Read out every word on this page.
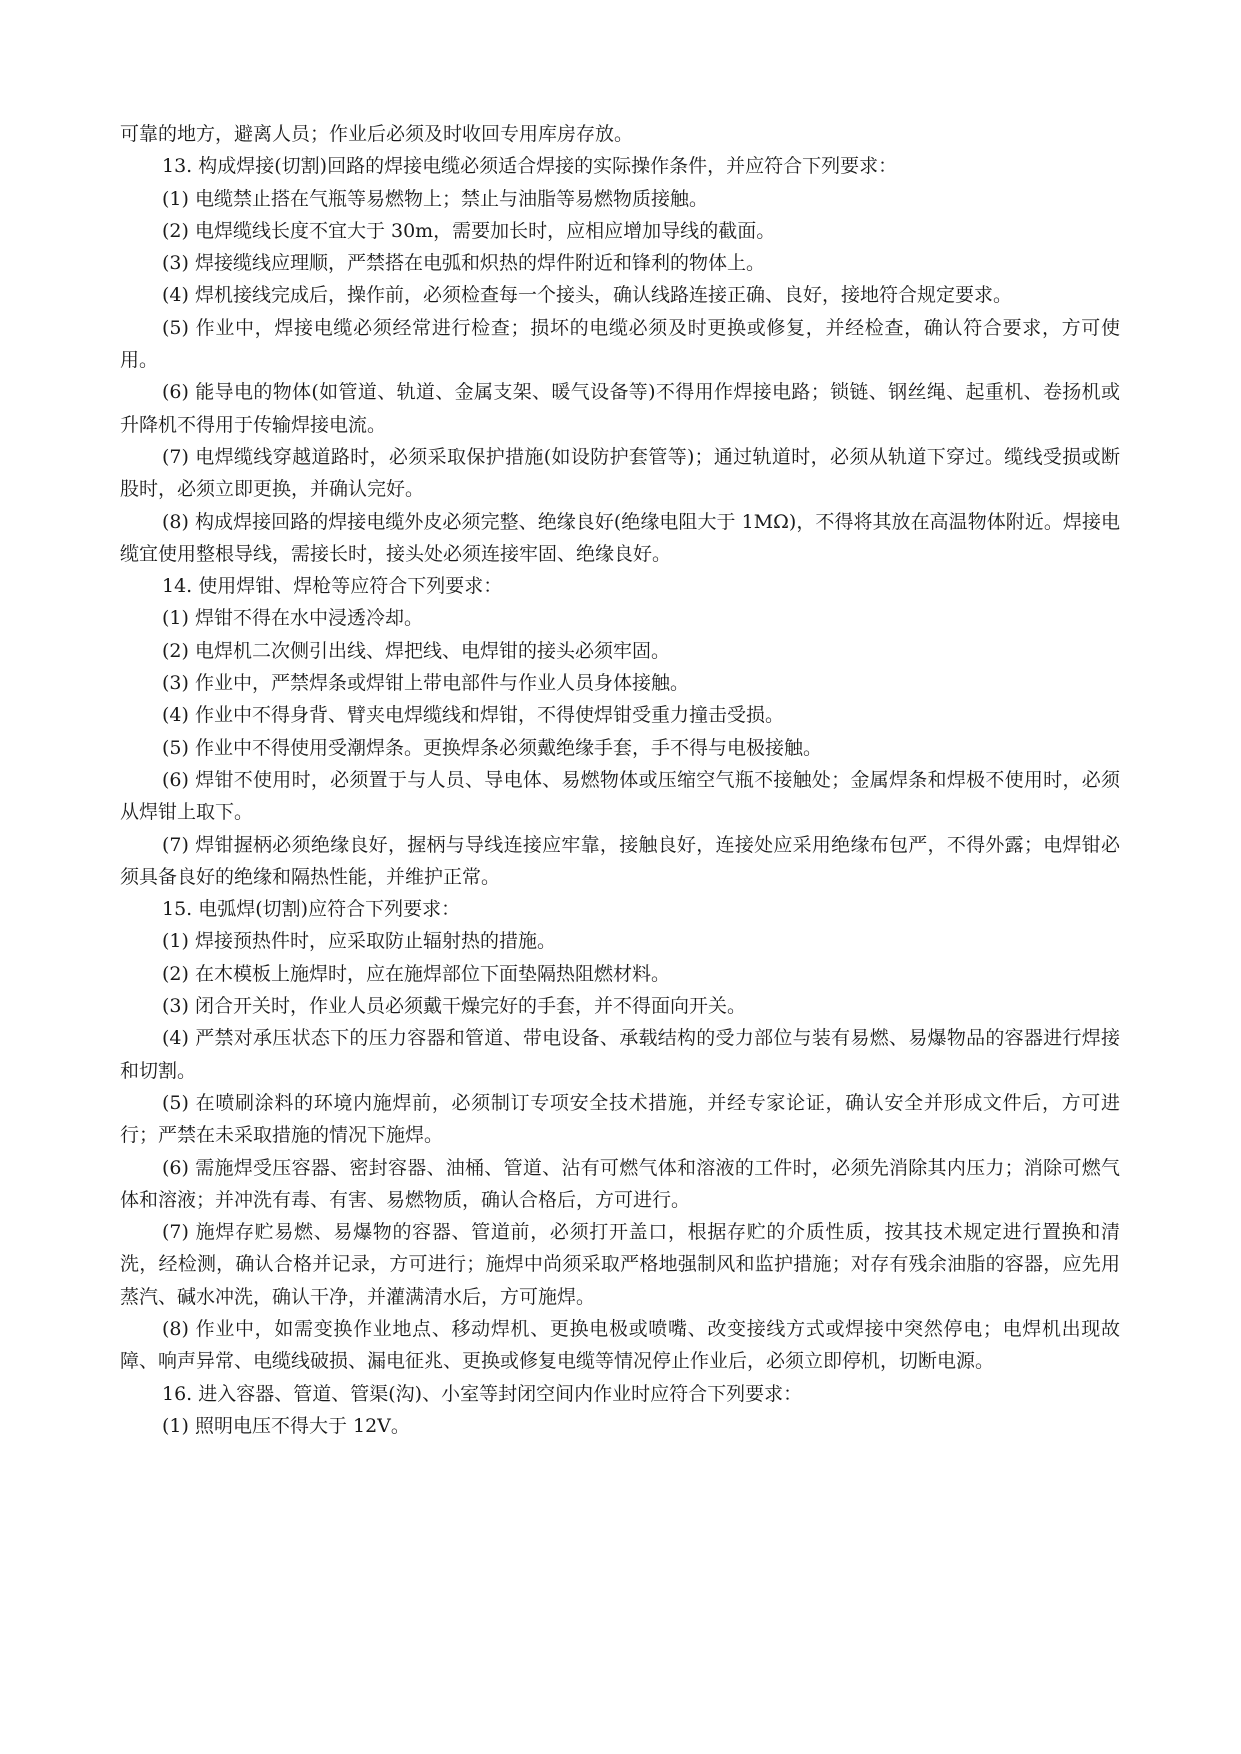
可靠的地方，避离人员；作业后必须及时收回专用库房存放。

13. 构成焊接(切割)回路的焊接电缆必须适合焊接的实际操作条件，并应符合下列要求：

(1) 电缆禁止搭在气瓶等易燃物上；禁止与油脂等易燃物质接触。

(2) 电焊缆线长度不宜大于 30m，需要加长时，应相应增加导线的截面。

(3) 焊接缆线应理顺，严禁搭在电弧和炽热的焊件附近和锋利的物体上。

(4) 焊机接线完成后，操作前，必须检查每一个接头，确认线路连接正确、良好，接地符合规定要求。

(5) 作业中，焊接电缆必须经常进行检查；损坏的电缆必须及时更换或修复，并经检查，确认符合要求，方可使用。

(6) 能导电的物体(如管道、轨道、金属支架、暖气设备等)不得用作焊接电路；锁链、钢丝绳、起重机、卷扬机或升降机不得用于传输焊接电流。

(7) 电焊缆线穿越道路时，必须采取保护措施(如设防护套管等)；通过轨道时，必须从轨道下穿过。缆线受损或断股时，必须立即更换，并确认完好。

(8) 构成焊接回路的焊接电缆外皮必须完整、绝缘良好(绝缘电阻大于 1MΩ)，不得将其放在高温物体附近。焊接电缆宜使用整根导线，需接长时，接头处必须连接牢固、绝缘良好。

14. 使用焊钳、焊枪等应符合下列要求：

(1) 焊钳不得在水中浸透冷却。

(2) 电焊机二次侧引出线、焊把线、电焊钳的接头必须牢固。

(3) 作业中，严禁焊条或焊钳上带电部件与作业人员身体接触。

(4) 作业中不得身背、臂夹电焊缆线和焊钳，不得使焊钳受重力撞击受损。

(5) 作业中不得使用受潮焊条。更换焊条必须戴绝缘手套，手不得与电极接触。

(6) 焊钳不使用时，必须置于与人员、导电体、易燃物体或压缩空气瓶不接触处；金属焊条和焊极不使用时，必须从焊钳上取下。

(7) 焊钳握柄必须绝缘良好，握柄与导线连接应牢靠，接触良好，连接处应采用绝缘布包严，不得外露；电焊钳必须具备良好的绝缘和隔热性能，并维护正常。

15. 电弧焊(切割)应符合下列要求：

(1) 焊接预热件时，应采取防止辐射热的措施。

(2) 在木模板上施焊时，应在施焊部位下面垫隔热阻燃材料。

(3) 闭合开关时，作业人员必须戴干燥完好的手套，并不得面向开关。

(4) 严禁对承压状态下的压力容器和管道、带电设备、承载结构的受力部位与装有易燃、易爆物品的容器进行焊接和切割。

(5) 在喷刷涂料的环境内施焊前，必须制订专项安全技术措施，并经专家论证，确认安全并形成文件后，方可进行；严禁在未采取措施的情况下施焊。

(6) 需施焊受压容器、密封容器、油桶、管道、沾有可燃气体和溶液的工件时，必须先消除其内压力；消除可燃气体和溶液；并冲洗有毒、有害、易燃物质，确认合格后，方可进行。

(7) 施焊存贮易燃、易爆物的容器、管道前，必须打开盖口，根据存贮的介质性质，按其技术规定进行置换和清洗，经检测，确认合格并记录，方可进行；施焊中尚须采取严格地强制风和监护措施；对存有残余油脂的容器，应先用蒸汽、碱水冲洗，确认干净，并灌满清水后，方可施焊。

(8) 作业中，如需变换作业地点、移动焊机、更换电极或喷嘴、改变接线方式或焊接中突然停电；电焊机出现故障、响声异常、电缆线破损、漏电征兆、更换或修复电缆等情况停止作业后，必须立即停机，切断电源。

16. 进入容器、管道、管渠(沟)、小室等封闭空间内作业时应符合下列要求：

(1) 照明电压不得大于 12V。
